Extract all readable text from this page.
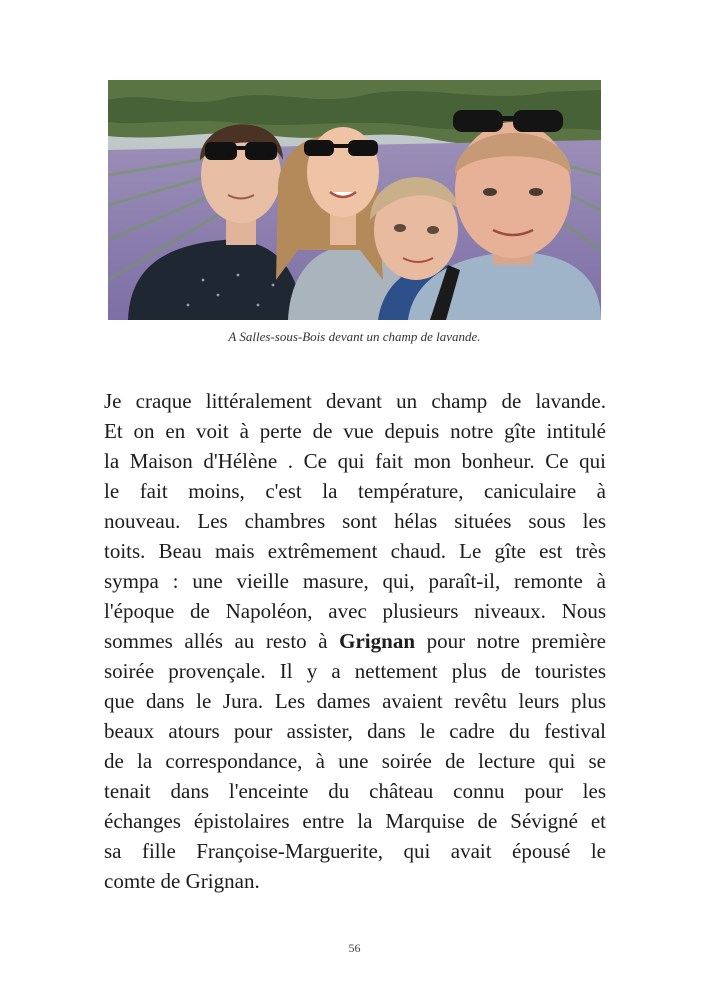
A Salles-sous-Bois devant un champ de lavande.
Je craque littéralement devant un champ de lavande.
Et on en voit à perte de vue depuis notre gîte intitulé
la Maison d'Hélène . Ce qui fait mon bonheur. Ce qui
le fait moins, c'est la température, caniculaire à
nouveau. Les chambres sont hélas situées sous les
toits. Beau mais extrêmement chaud. Le gîte est très
sympa : une vieille masure, qui, paraît-il, remonte à
l'époque de Napoléon, avec plusieurs niveaux. Nous
sommes allés au resto à Grignan pour notre première
soirée provençale. Il y a nettement plus de touristes
que dans le Jura. Les dames avaient revêtu leurs plus
beaux atours pour assister, dans le cadre du festival
de la correspondance, à une soirée de lecture qui se
tenait dans l'enceinte du château connu pour les
échanges épistolaires entre la Marquise de Sévigné et
sa fille Françoise-Marguerite, qui avait épousé le
comte de Grignan.
56
